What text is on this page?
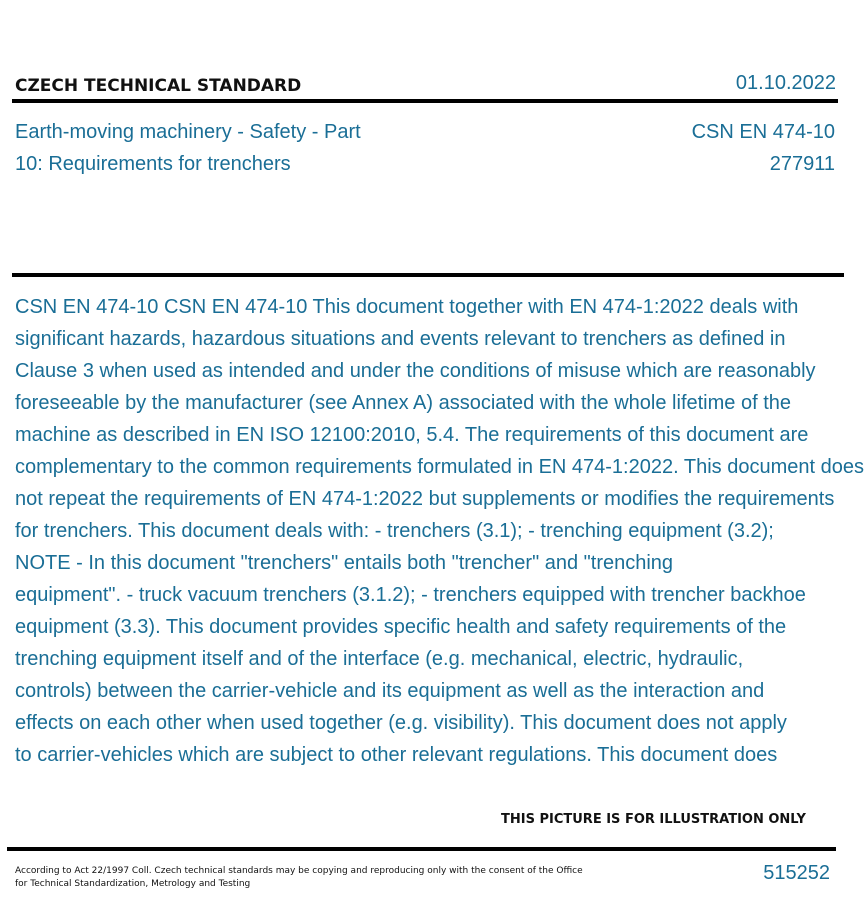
CZECH TECHNICAL STANDARD	01.10.2022
Earth-moving machinery - Safety - Part
10: Requirements for trenchers
CSN EN 474-10
277911
CSN EN 474-10 CSN EN 474-10 This document together with EN 474-1:2022 deals with
significant hazards, hazardous situations and events relevant to trenchers as defined in
Clause 3 when used as intended and under the conditions of misuse which are reasonably
foreseeable by the manufacturer (see Annex A) associated with the whole lifetime of the
machine as described in EN ISO 12100:2010, 5.4. The requirements of this document are
complementary to the common requirements formulated in EN 474-1:2022. This document does
not repeat the requirements of EN 474-1:2022 but supplements or modifies the requirements
for trenchers. This document deals with: - trenchers (3.1); - trenching equipment (3.2);
NOTE - In this document "trenchers" entails both "trencher" and "trenching
equipment". - truck vacuum trenchers (3.1.2); - trenchers equipped with trencher backhoe
equipment (3.3). This document provides specific health and safety requirements of the
trenching equipment itself and of the interface (e.g. mechanical, electric, hydraulic,
controls) between the carrier-vehicle and its equipment as well as the interaction and
effects on each other when used together (e.g. visibility). This document does not apply
to carrier-vehicles which are subject to other relevant regulations. This document does
THIS PICTURE IS FOR ILLUSTRATION ONLY
According to Act 22/1997 Coll. Czech technical standards may be copying and reproducing only with the consent of the Office
for Technical Standardization, Metrology and Testing	515252
